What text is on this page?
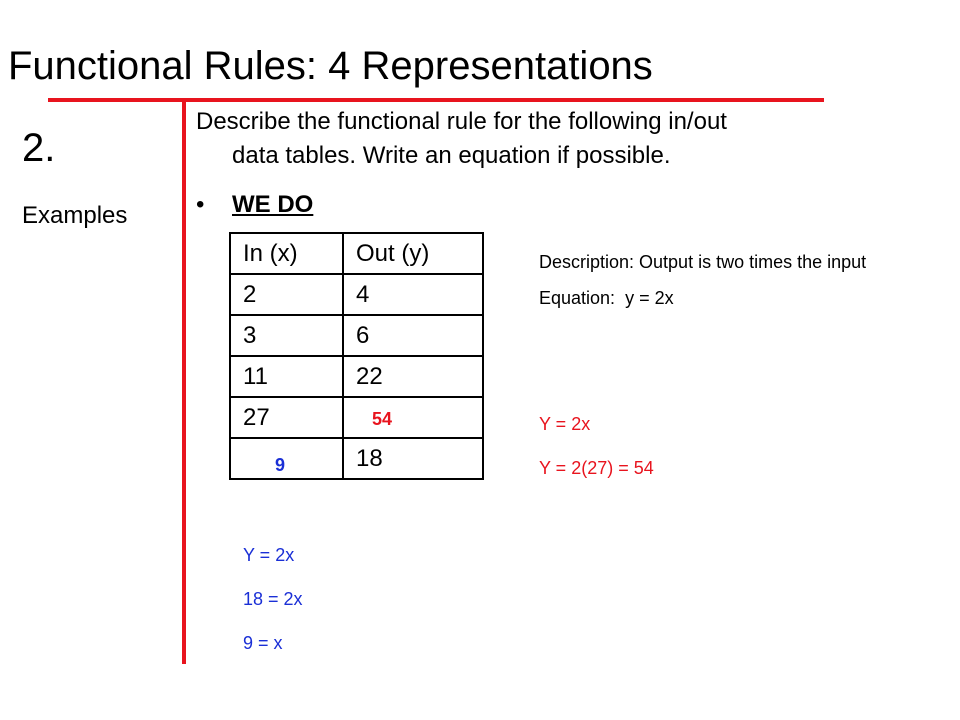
Functional Rules: 4 Representations
2.
Examples
Describe the functional rule for the following in/out
data tables. Write an equation if possible.
• WE DO
In (x)	Out (y)
2	4
3	6
11	22
27	54
9	18
Description: Output is two times the input
Equation: y = 2x
Y = 2x
Y = 2(27) = 54
Y = 2x
18 = 2x
9 = x
